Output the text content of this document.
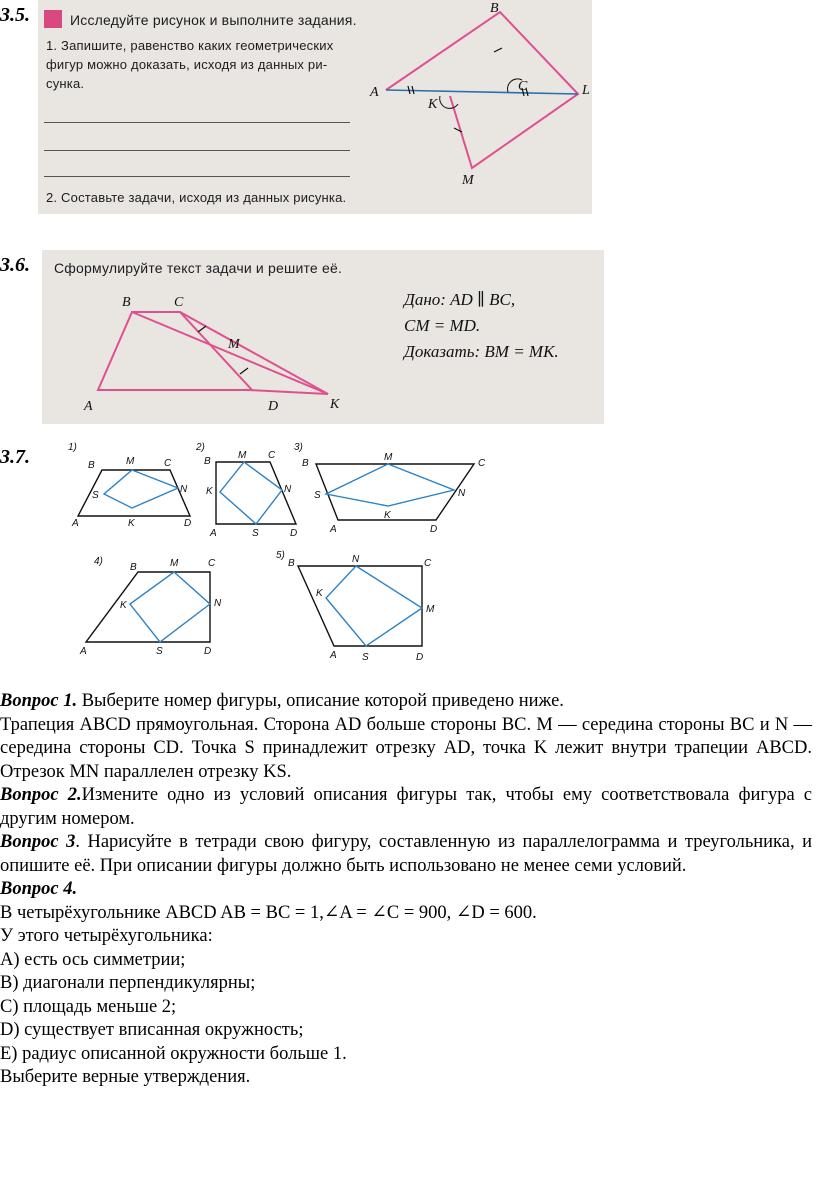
3.5.	Исследуйте рисунок и выполните задания.
1. Запишите, равенство каких геометрических
фигур можно доказать, исходя из данных ри-
сунка.
2. Составьте задачи, исходя из данных рисунка.
A
B
C
K
L
M
3.6. Сформулируйте текст задачи и решите её.
B	C
M
A	D	K
Дано: AD ∥ BC,
CM = MD.
Доказать: BM = MK.
3.7.	1)
B	M	C
S
N
A	K	D
2)
B
M C
K	N
A	S	D
3)
B
M
C
S	N
A
K
D
4)
B	M	C
K	N
A	S	D
5)
B	N	C
K
M
A	S	D
Вопрос 1. Выберите номер фигуры, описание которой приведено ниже.
Трапеция ABCD прямоугольная. Сторона AD больше стороны BC. M — середина стороны BC и N — середина стороны CD. Точка S принадлежит отрезку AD, точка K лежит внутри трапеции ABCD. Отрезок MN параллелен отрезку KS.
Вопрос 2.Измените одно из условий описания фигуры так, чтобы ему соответствовала фигура с другим номером.
Вопрос 3. Нарисуйте в тетради свою фигуру, составленную из параллелограмма и треугольника, и опишите её. При описании фигуры должно быть использовано не менее семи условий.
Вопрос 4.
В четырёхугольнике ABCD AB = BC = 1,∠A = ∠C = 900, ∠D = 600.
У этого четырёхугольника:
A) есть ось симметрии;
B) диагонали перпендикулярны;
C) площадь меньше 2;
D) существует вписанная окружность;
E) радиус описанной окружности больше 1.
Выберите верные утверждения.
